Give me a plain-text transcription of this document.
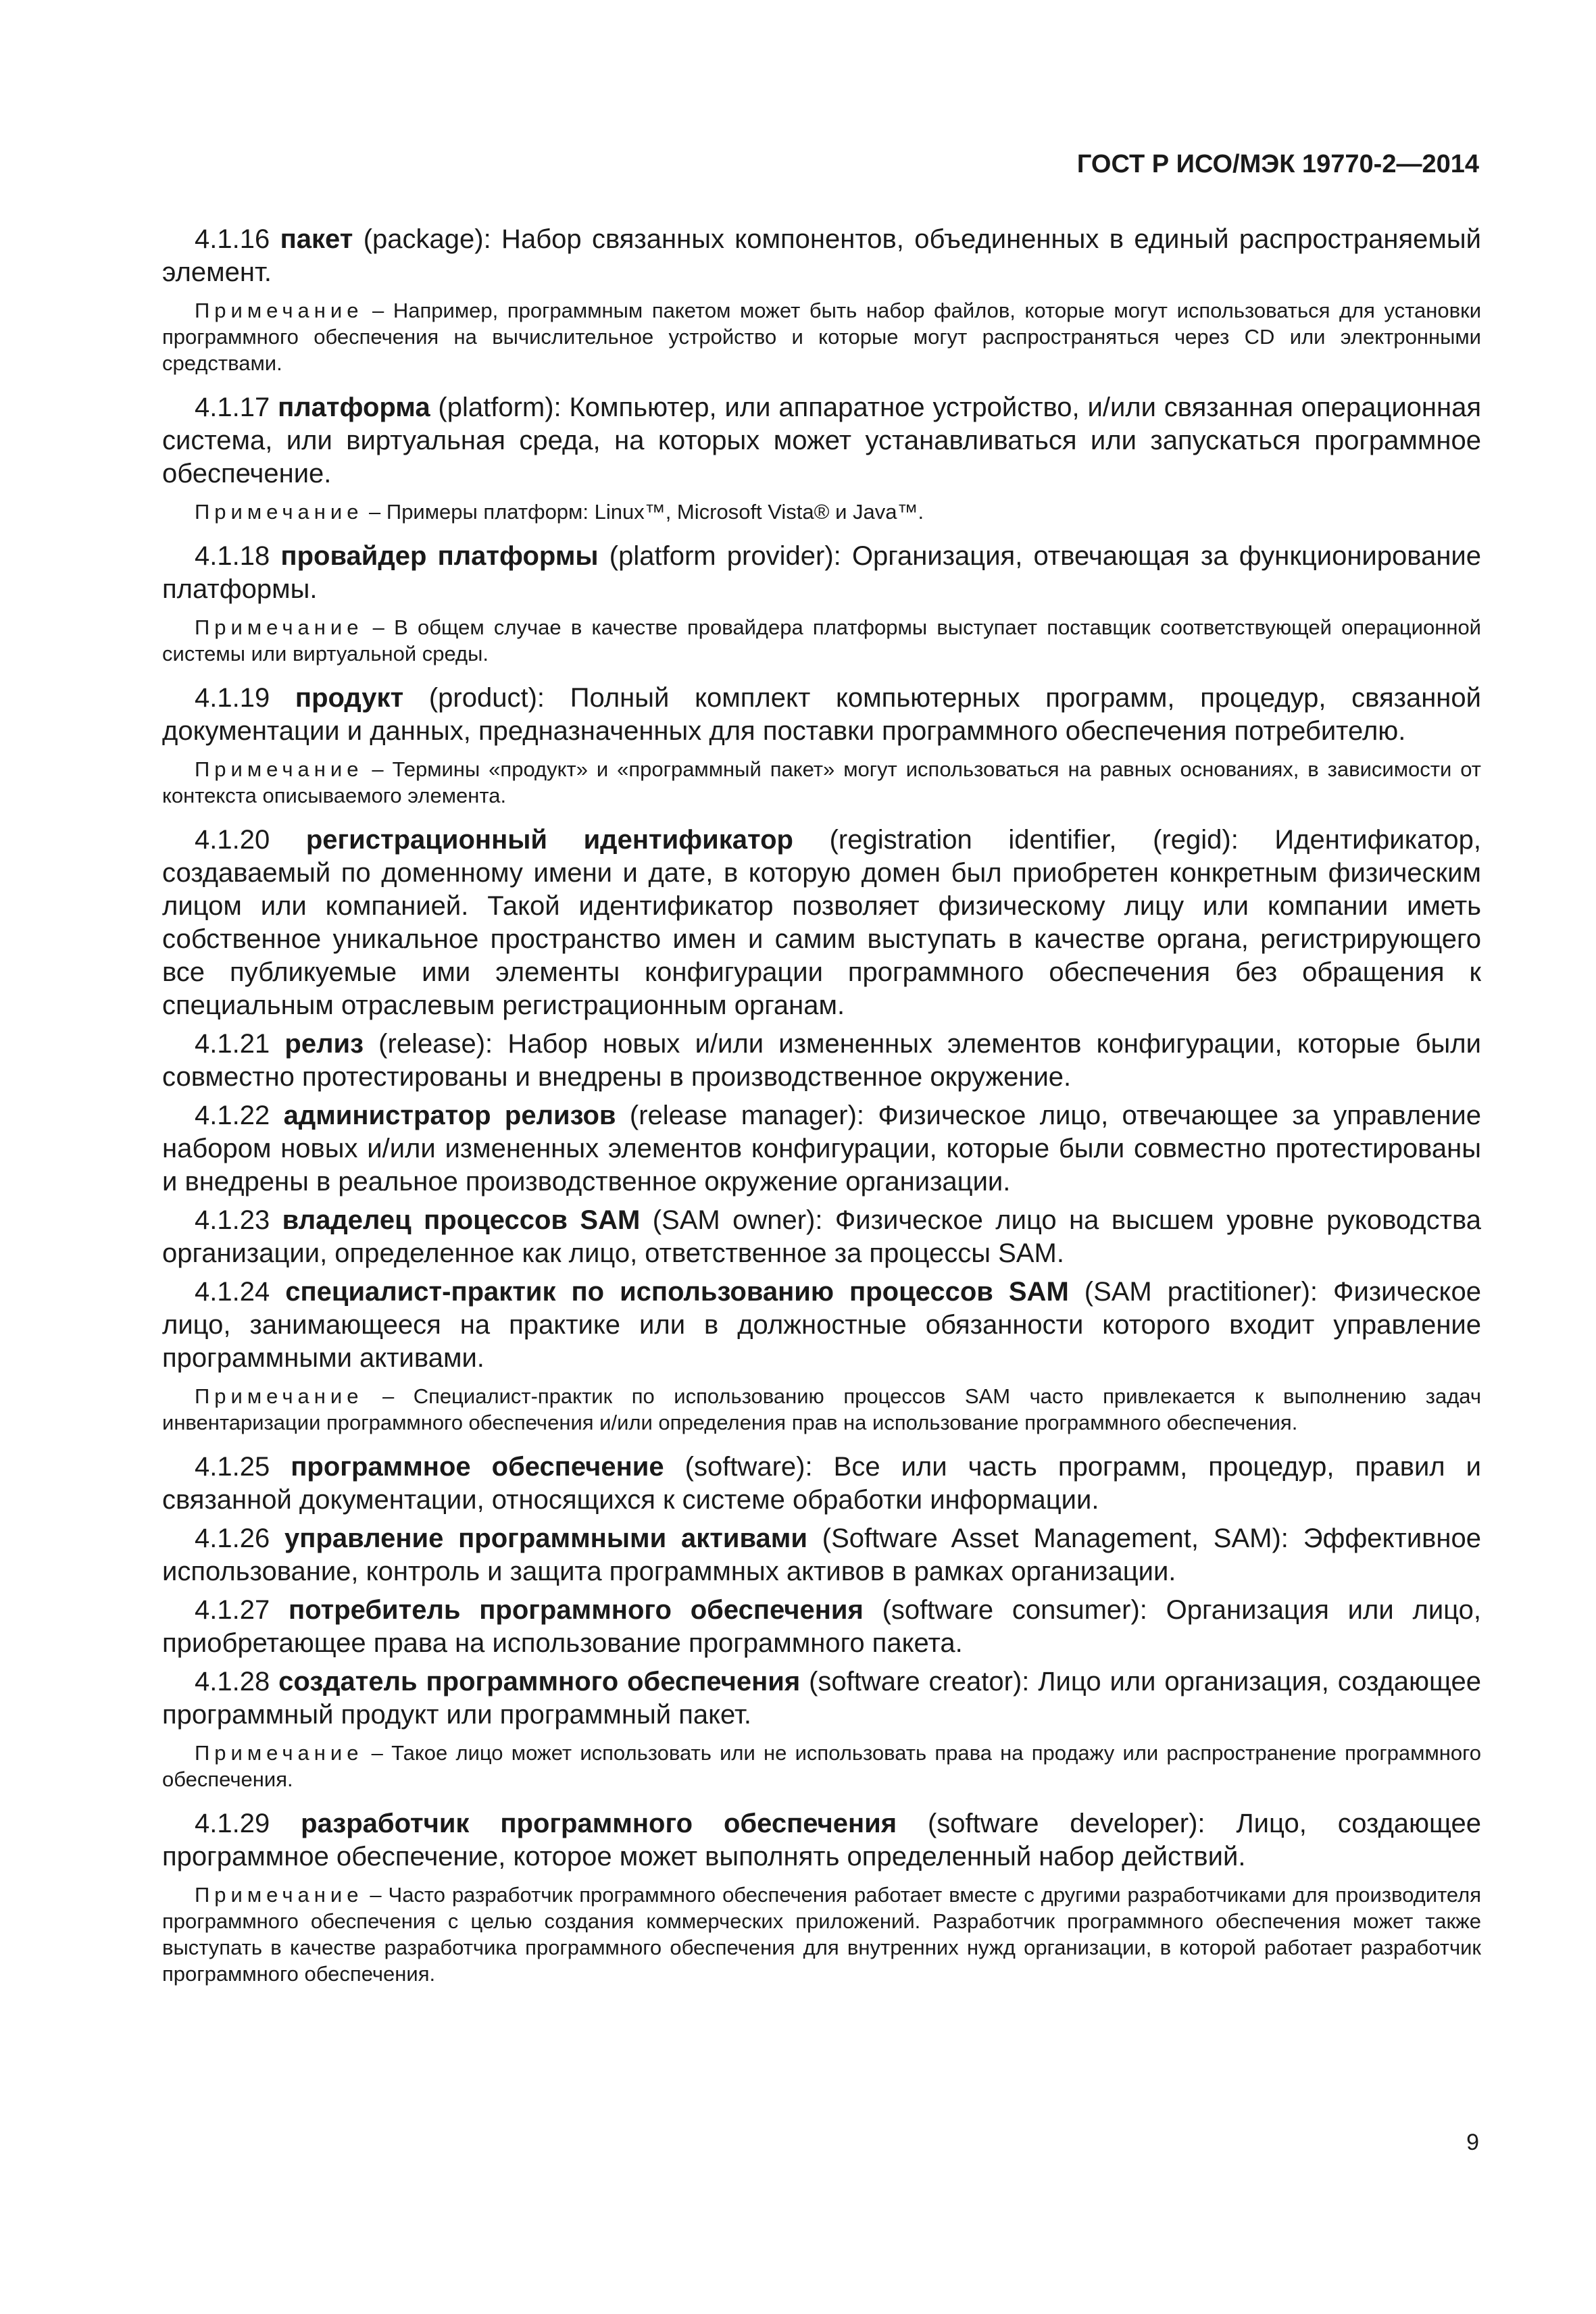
ГОСТ Р ИСО/МЭК 19770-2—2014

4.1.16 пакет (package): Набор связанных компонентов, объединенных в единый распространяемый элемент.

Примечание – Например, программным пакетом может быть набор файлов, которые могут использоваться для установки программного обеспечения на вычислительное устройство и которые могут распространяться через CD или электронными средствами.

4.1.17 платформа (platform): Компьютер, или аппаратное устройство, и/или связанная операционная система, или виртуальная среда, на которых может устанавливаться или запускаться программное обеспечение.

Примечание – Примеры платформ: Linux™, Microsoft Vista® и Java™.

4.1.18 провайдер платформы (platform provider): Организация, отвечающая за функционирование платформы.

Примечание – В общем случае в качестве провайдера платформы выступает поставщик соответствующей операционной системы или виртуальной среды.

4.1.19 продукт (product): Полный комплект компьютерных программ, процедур, связанной документации и данных, предназначенных для поставки программного обеспечения потребителю.

Примечание – Термины «продукт» и «программный пакет» могут использоваться на равных основаниях, в зависимости от контекста описываемого элемента.

4.1.20 регистрационный идентификатор (registration identifier, (regid): Идентификатор, создаваемый по доменному имени и дате, в которую домен был приобретен конкретным физическим лицом или компанией. Такой идентификатор позволяет физическому лицу или компании иметь собственное уникальное пространство имен и самим выступать в качестве органа, регистрирующего все публикуемые ими элементы конфигурации программного обеспечения без обращения к специальным отраслевым регистрационным органам.

4.1.21 релиз (release): Набор новых и/или измененных элементов конфигурации, которые были совместно протестированы и внедрены в производственное окружение.

4.1.22 администратор релизов (release manager): Физическое лицо, отвечающее за управление набором новых и/или измененных элементов конфигурации, которые были совместно протестированы и внедрены в реальное производственное окружение организации.

4.1.23 владелец процессов SAM (SAM owner): Физическое лицо на высшем уровне руководства организации, определенное как лицо, ответственное за процессы SAM.

4.1.24 специалист-практик по использованию процессов SAM (SAM practitioner): Физическое лицо, занимающееся на практике или в должностные обязанности которого входит управление программными активами.

Примечание – Специалист-практик по использованию процессов SAM часто привлекается к выполнению задач инвентаризации программного обеспечения и/или определения прав на использование программного обеспечения.

4.1.25 программное обеспечение (software): Все или часть программ, процедур, правил и связанной документации, относящихся к системе обработки информации.

4.1.26 управление программными активами (Software Asset Management, SAM): Эффективное использование, контроль и защита программных активов в рамках организации.

4.1.27 потребитель программного обеспечения (software consumer): Организация или лицо, приобретающее права на использование программного пакета.

4.1.28 создатель программного обеспечения (software creator): Лицо или организация, создающее программный продукт или программный пакет.

Примечание – Такое лицо может использовать или не использовать права на продажу или распространение программного обеспечения.

4.1.29 разработчик программного обеспечения (software developer): Лицо, создающее программное обеспечение, которое может выполнять определенный набор действий.

Примечание – Часто разработчик программного обеспечения работает вместе с другими разработчиками для производителя программного обеспечения с целью создания коммерческих приложений. Разработчик программного обеспечения может также выступать в качестве разработчика программного обеспечения для внутренних нужд организации, в которой работает разработчик программного обеспечения.

9
